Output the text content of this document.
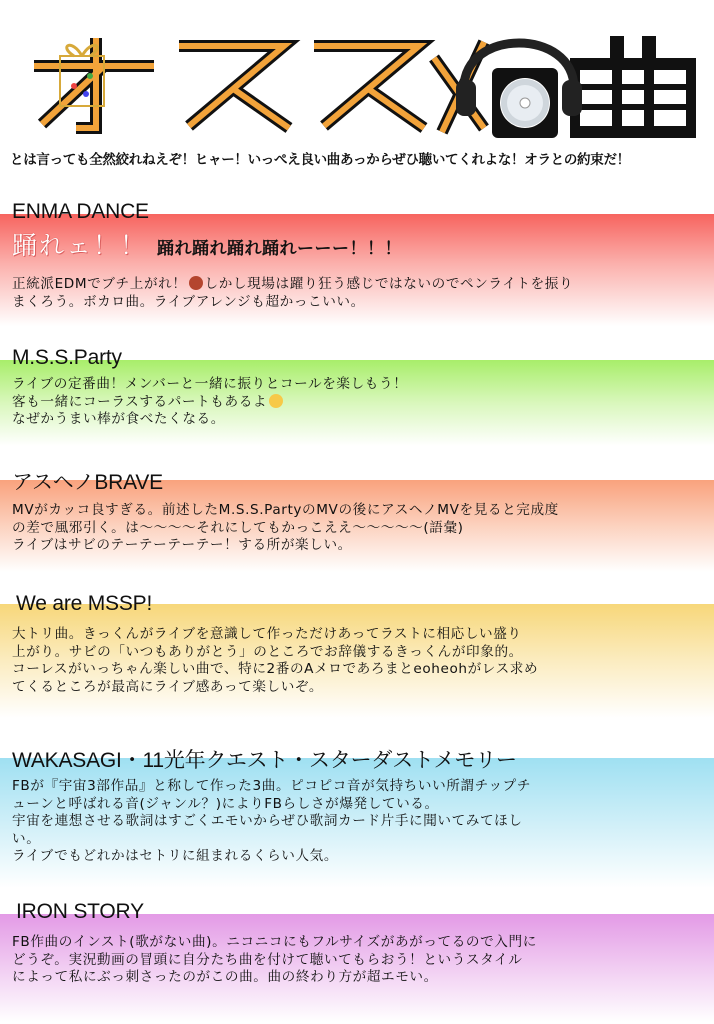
とは言っても全然絞れねえぞ！ヒャー！いっぺえ良い曲あっからぜひ聴いてくれよな！オラとの約束だ！
ENMA DANCE
踊れェ！！ 踊れ踊れ踊れ踊れーーー！！！

正統派EDMでブチ上がれ！ しかし現場は躍り狂う感じではないのでペンライトを振り

まくろう。ボカロ曲。ライブアレンジも超かっこいい。

M.S.S.Party

ライブの定番曲！メンバーと一緒に振りとコールを楽しもう！

客も一緒にコーラスするパートもあるよ

なぜかうまい棒が食べたくなる。

アスヘノBRAVE

MVがカッコ良すぎる。前述したM.S.S.PartyのMVの後にアスヘノMVを見ると完成度

の差で風邪引く。は～～～～それにしてもかっこええ～～～～～(語彙)

ライブはサビのテーテーテーテー！する所が楽しい。

We are MSSP!

大トリ曲。きっくんがライブを意識して作っただけあってラストに相応しい盛り

上がり。サビの「いつもありがとう」のところでお辞儀するきっくんが印象的。

コーレスがいっちゃん楽しい曲で、特に2番のAメロであろまとeoheohがレス求め

てくるところが最高にライブ感あって楽しいぞ。

WAKASAGI・11光年クエスト・スターダストメモリー

FBが『宇宙3部作品』と称して作った3曲。ピコピコ音が気持ちいい所謂チップチ

ューンと呼ばれる音(ジャンル？)によりFBらしさが爆発している。

宇宙を連想させる歌詞はすごくエモいからぜひ歌詞カード片手に聞いてみてほし

い。

ライブでもどれかはセトリに組まれるくらい人気。

IRON STORY

FB作曲のインスト(歌がない曲)。ニコニコにもフルサイズがあがってるので入門に

どうぞ。実況動画の冒頭に自分たち曲を付けて聴いてもらおう！というスタイル

によって私にぶっ刺さったのがこの曲。曲の終わり方が超エモい。
